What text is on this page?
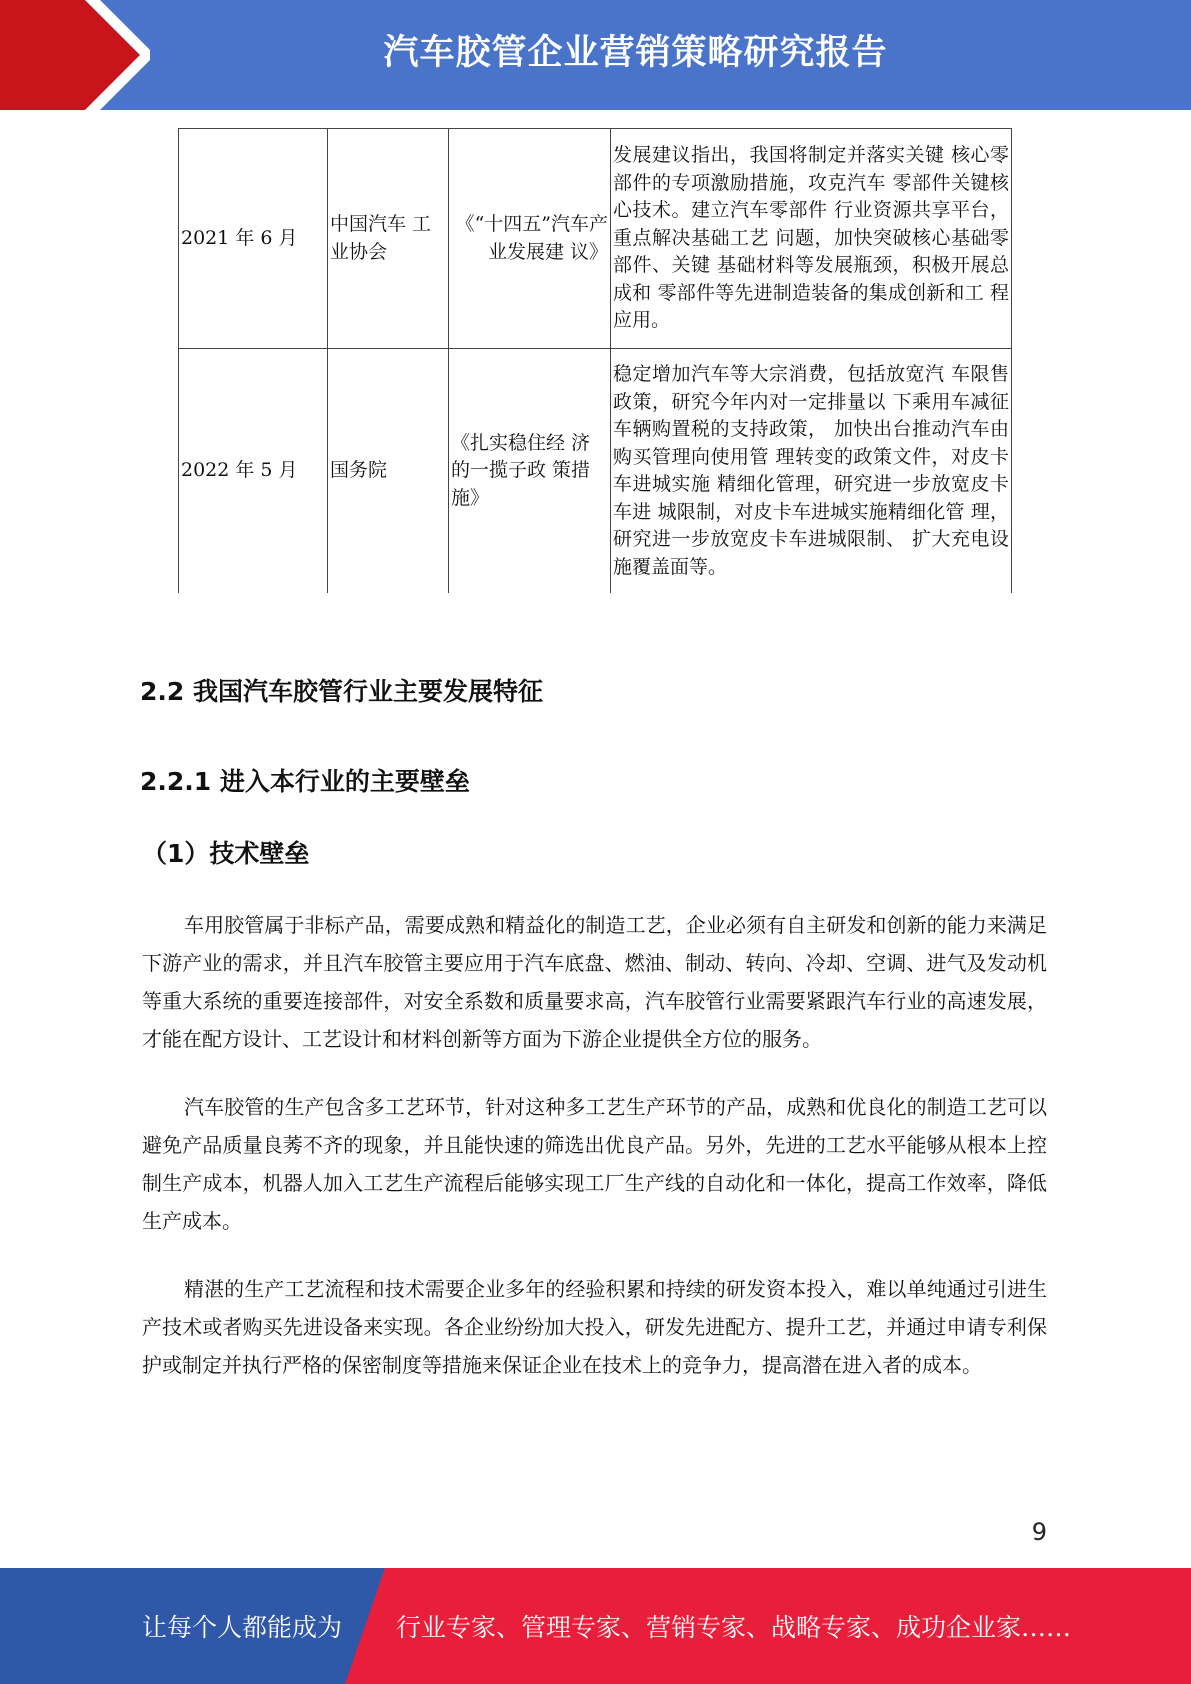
汽车胶管企业营销策略研究报告
2021 年 6 月	中国汽车 工业协会	《“十四五”汽车产业发展建 议》	发展建议指出，我国将制定并落实关键 核心零部件的专项激励措施，攻克汽车 零部件关键核心技术。建立汽车零部件 行业资源共享平台，重点解决基础工艺 问题，加快突破核心基础零部件、关键 基础材料等发展瓶颈，积极开展总成和 零部件等先进制造装备的集成创新和工 程应用。

2022 年 5 月	国务院	《扎实稳住经 济的一揽子政 策措施》	稳定增加汽车等大宗消费，包括放宽汽 车限售政策，研究今年内对一定排量以 下乘用车减征车辆购置税的支持政策， 加快出台推动汽车由购买管理向使用管 理转变的政策文件，对皮卡车进城实施 精细化管理，研究进一步放宽皮卡车进 城限制，对皮卡车进城实施精细化管 理，研究进一步放宽皮卡车进城限制、 扩大充电设施覆盖面等。
2.2 我国汽车胶管行业主要发展特征
2.2.1 进入本行业的主要壁垒
（1）技术壁垒

车用胶管属于非标产品，需要成熟和精益化的制造工艺，企业必须有自主研发和创新的能力来满足下游产业的需求，并且汽车胶管主要应用于汽车底盘、燃油、制动、转向、冷却、空调、进气及发动机等重大系统的重要连接部件，对安全系数和质量要求高，汽车胶管行业需要紧跟汽车行业的高速发展，才能在配方设计、工艺设计和材料创新等方面为下游企业提供全方位的服务。

汽车胶管的生产包含多工艺环节，针对这种多工艺生产环节的产品，成熟和优良化的制造工艺可以避免产品质量良莠不齐的现象，并且能快速的筛选出优良产品。另外，先进的工艺水平能够从根本上控制生产成本，机器人加入工艺生产流程后能够实现工厂生产线的自动化和一体化，提高工作效率，降低生产成本。

精湛的生产工艺流程和技术需要企业多年的经验积累和持续的研发资本投入，难以单纯通过引进生产技术或者购买先进设备来实现。各企业纷纷加大投入，研发先进配方、提升工艺，并通过申请专利保护或制定并执行严格的保密制度等措施来保证企业在技术上的竞争力，提高潜在进入者的成本。

9
让每个人都能成为 行业专家、管理专家、营销专家、战略专家、成功企业家……
